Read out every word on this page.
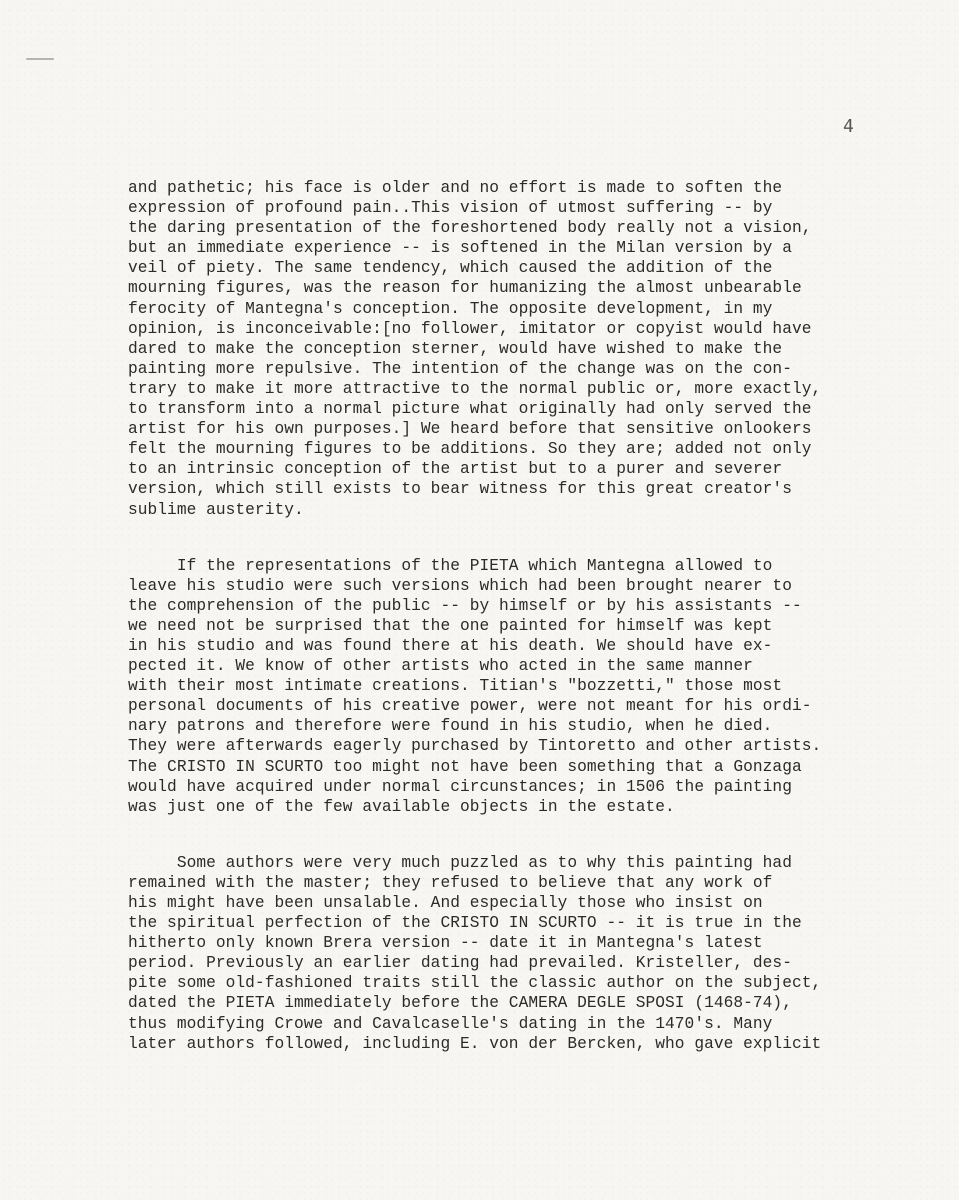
4
and pathetic; his face is older and no effort is made to soften the
expression of profound pain..This vision of utmost suffering -- by
the daring presentation of the foreshortened body really not a vision,
but an immediate experience -- is softened in the Milan version by a
veil of piety. The same tendency, which caused the addition of the
mourning figures, was the reason for humanizing the almost unbearable
ferocity of Mantegna's conception. The opposite development, in my
opinion, is inconceivable:[no follower, imitator or copyist would have
dared to make the conception sterner, would have wished to make the
painting more repulsive. The intention of the change was on the con-
trary to make it more attractive to the normal public or, more exactly,
to transform into a normal picture what originally had only served the
artist for his own purposes.] We heard before that sensitive onlookers
felt the mourning figures to be additions. So they are; added not only
to an intrinsic conception of the artist but to a purer and severer
version, which still exists to bear witness for this great creator's
sublime austerity.
If the representations of the PIETA which Mantegna allowed to
leave his studio were such versions which had been brought nearer to
the comprehension of the public -- by himself or by his assistants --
we need not be surprised that the one painted for himself was kept
in his studio and was found there at his death. We should have ex-
pected it. We know of other artists who acted in the same manner
with their most intimate creations. Titian's "bozzetti," those most
personal documents of his creative power, were not meant for his ordi-
nary patrons and therefore were found in his studio, when he died.
They were afterwards eagerly purchased by Tintoretto and other artists.
The CRISTO IN SCURTO too might not have been something that a Gonzaga
would have acquired under normal circunstances; in 1506 the painting
was just one of the few available objects in the estate.
Some authors were very much puzzled as to why this painting had
remained with the master; they refused to believe that any work of
his might have been unsalable. And especially those who insist on
the spiritual perfection of the CRISTO IN SCURTO -- it is true in the
hitherto only known Brera version -- date it in Mantegna's latest
period. Previously an earlier dating had prevailed. Kristeller, des-
pite some old-fashioned traits still the classic author on the subject,
dated the PIETA immediately before the CAMERA DEGLE SPOSI (1468-74),
thus modifying Crowe and Cavalcaselle's dating in the 1470's. Many
later authors followed, including E. von der Bercken, who gave explicit
